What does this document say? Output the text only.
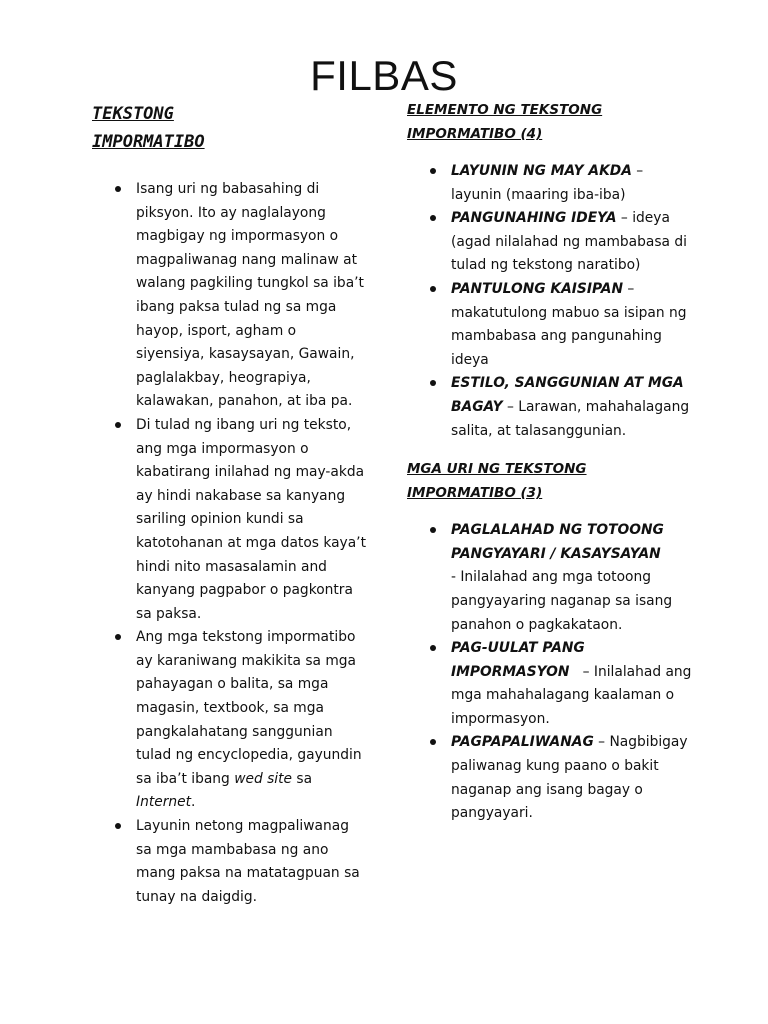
FILBAS
TEKSTONG
IMPORMATIBO
Isang uri ng babasahing di piksyon. Ito ay naglalayong magbigay ng impormasyon o magpaliwanag nang malinaw at walang pagkiling tungkol sa iba’t ibang paksa tulad ng sa mga hayop, isport, agham o siyensiya, kasaysayan, Gawain, paglalakbay, heograpiya, kalawakan, panahon, at iba pa.
Di tulad ng ibang uri ng teksto, ang mga impormasyon o kabatirang inilahad ng may-akda ay hindi nakabase sa kanyang sariling opinion kundi sa katotohanan at mga datos kaya’t hindi nito masasalamin and kanyang pagpabor o pagkontra sa paksa.
Ang mga tekstong impormatibo ay karaniwang makikita sa mga pahayagan o balita, sa mga magasin, textbook, sa mga pangkalahatang sanggunian tulad ng encyclopedia, gayundin sa iba’t ibang wed site sa Internet.
Layunin netong magpaliwanag sa mga mambabasa ng ano mang paksa na matatagpuan sa tunay na daigdig.
ELEMENTO NG TEKSTONG
IMPORMATIBO (4)
LAYUNIN NG MAY AKDA – layunin (maaring iba-iba)
PANGUNAHING IDEYA – ideya (agad nilalahad ng mambabasa di tulad ng tekstong naratibo)
PANTULONG KAISIPAN – makatutulong mabuo sa isipan ng mambabasa ang pangunahing ideya
ESTILO, SANGGUNIAN AT MGA BAGAY – Larawan, mahahalagang salita, at talasanggunian.
MGA URI NG TEKSTONG
IMPORMATIBO (3)
PAGLALAHAD NG TOTOONG
PANGYAYARI / KASAYSAYAN
- Inilalahad ang mga totoong pangyayaring naganap sa isang panahon o pagkakataon.
PAG-UULAT PANG IMPORMASYON   – Inilalahad ang mga mahahalagang kaalaman o impormasyon.
PAGPAPALIWANAG – Nagbibigay paliwanag kung paano o bakit naganap ang isang bagay o pangyayari.
